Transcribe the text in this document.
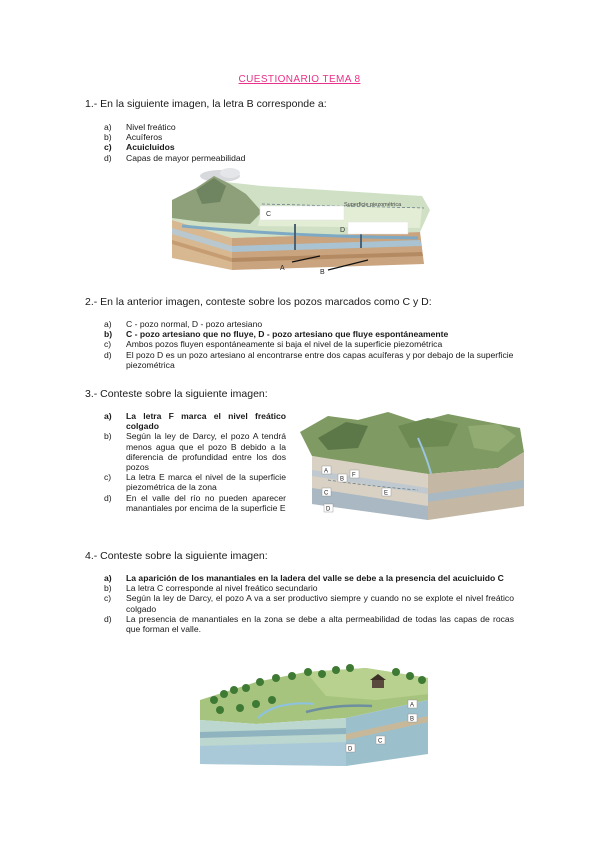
CUESTIONARIO TEMA 8
1.- En la siguiente imagen, la letra B corresponde a:
a) Nivel freático
b) Acuíferos
c) Acuicluidos
d) Capas de mayor permeabilidad
C
D
Superficie piezométrica
A
B
2.- En la anterior imagen, conteste sobre los pozos marcados como C y D:
a) C - pozo normal, D - pozo artesiano
b) C - pozo artesiano que no fluye, D - pozo artesiano que fluye espontáneamente
c) Ambos pozos fluyen espontáneamente si baja el nivel de la superficie piezométrica
d) El pozo D es un pozo artesiano al encontrarse entre dos capas acuíferas y por debajo de la superficie piezométrica
3.- Conteste sobre la siguiente imagen:
a) La letra F marca el nivel freático colgado
b) Según la ley de Darcy, el pozo A tendrá menos agua que el pozo B debido a la diferencia de profundidad entre los dos pozos
c) La letra E marca el nivel de la superficie piezométrica de la zona
d) En el valle del río no pueden aparecer manantiales por encima de la superficie E
A
B
C
D
E
F
4.- Conteste sobre la siguiente imagen:
a) La aparición de los manantiales en la ladera del valle se debe a la presencia del acuicluido C
b) La letra C corresponde al nivel freático secundario
c) Según la ley de Darcy, el pozo A va a ser productivo siempre y cuando no se explote el nivel freático colgado
d) La presencia de manantiales en la zona se debe a alta permeabilidad de todas las capas de rocas que forman el valle.
A
B
C
D
